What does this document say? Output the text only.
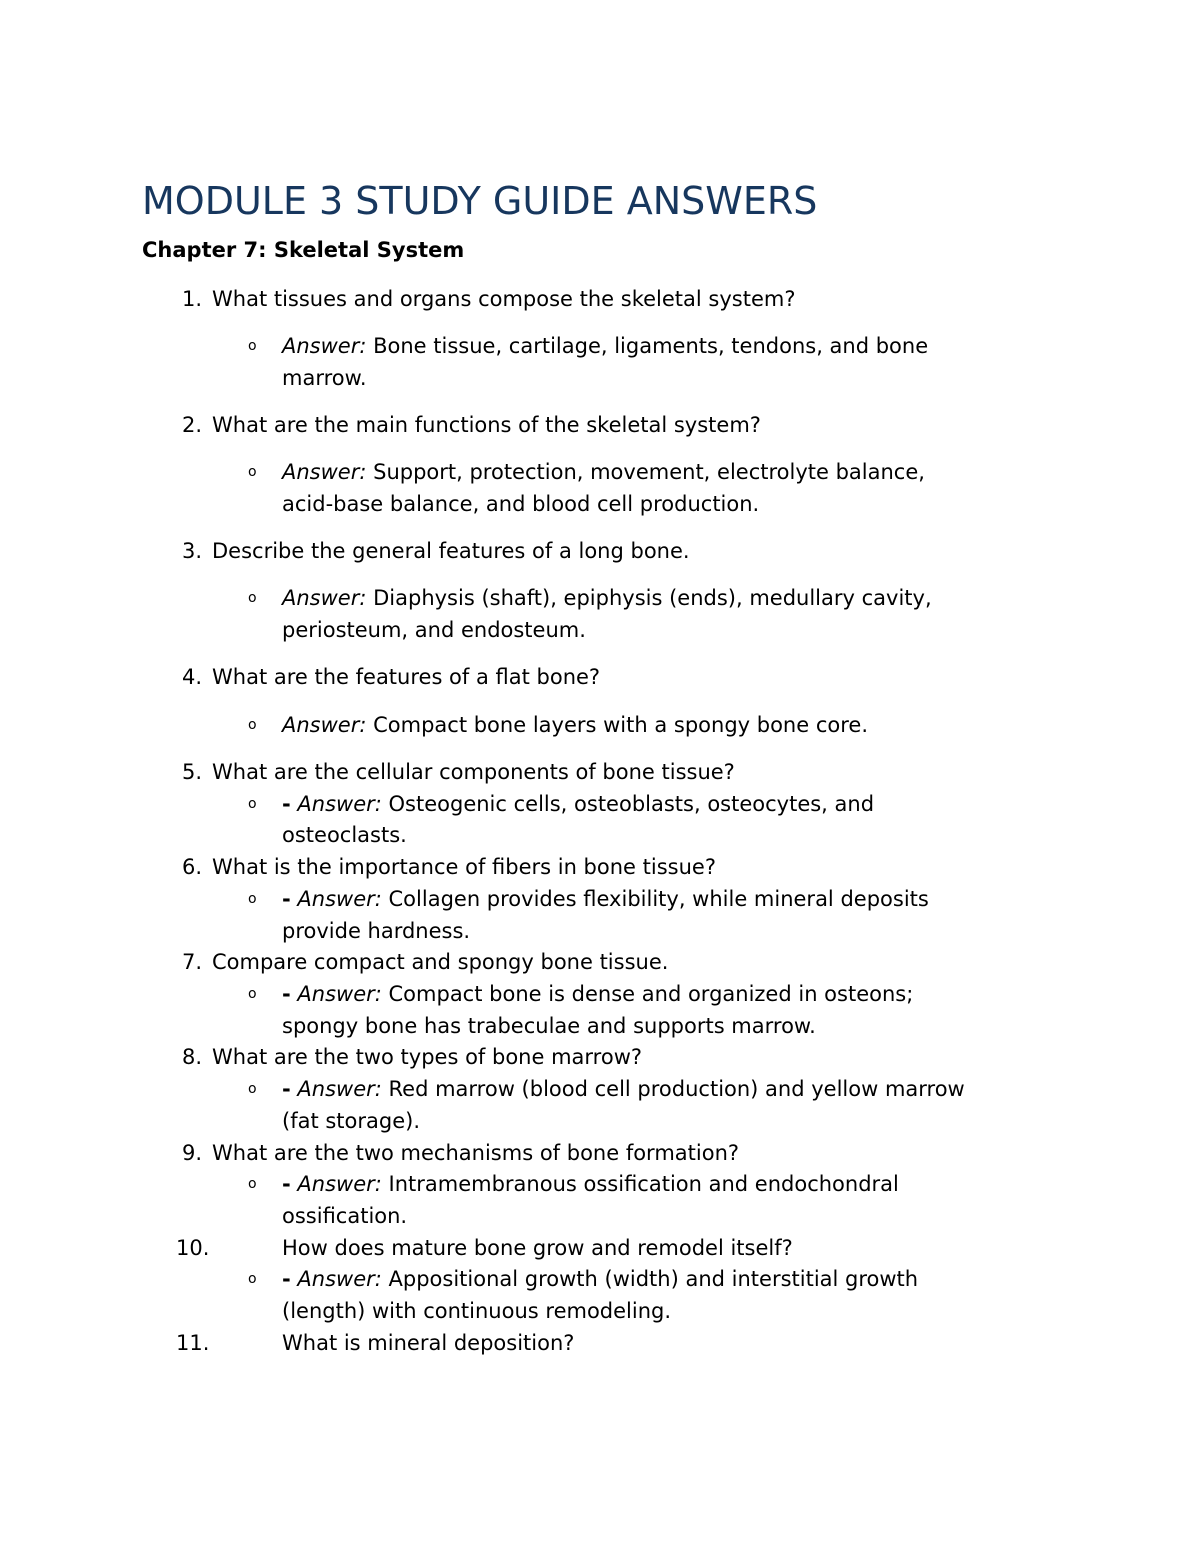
MODULE 3 STUDY GUIDE ANSWERS
Chapter 7: Skeletal System
1. What tissues and organs compose the skeletal system?
o Answer: Bone tissue, cartilage, ligaments, tendons, and bone
marrow.
2. What are the main functions of the skeletal system?
o Answer: Support, protection, movement, electrolyte balance,
acid-base balance, and blood cell production.
3. Describe the general features of a long bone.
o Answer: Diaphysis (shaft), epiphysis (ends), medullary cavity,
periosteum, and endosteum.
4. What are the features of a flat bone?
o Answer: Compact bone layers with a spongy bone core.
5. What are the cellular components of bone tissue?
o - Answer: Osteogenic cells, osteoblasts, osteocytes, and
osteoclasts.
6. What is the importance of fibers in bone tissue?
o - Answer: Collagen provides flexibility, while mineral deposits
provide hardness.
7. Compare compact and spongy bone tissue.
o - Answer: Compact bone is dense and organized in osteons;
spongy bone has trabeculae and supports marrow.
8. What are the two types of bone marrow?
o - Answer: Red marrow (blood cell production) and yellow marrow
(fat storage).
9. What are the two mechanisms of bone formation?
o - Answer: Intramembranous ossification and endochondral
ossification.
10.	How does mature bone grow and remodel itself?
o - Answer: Appositional growth (width) and interstitial growth
(length) with continuous remodeling.
11.	What is mineral deposition?
